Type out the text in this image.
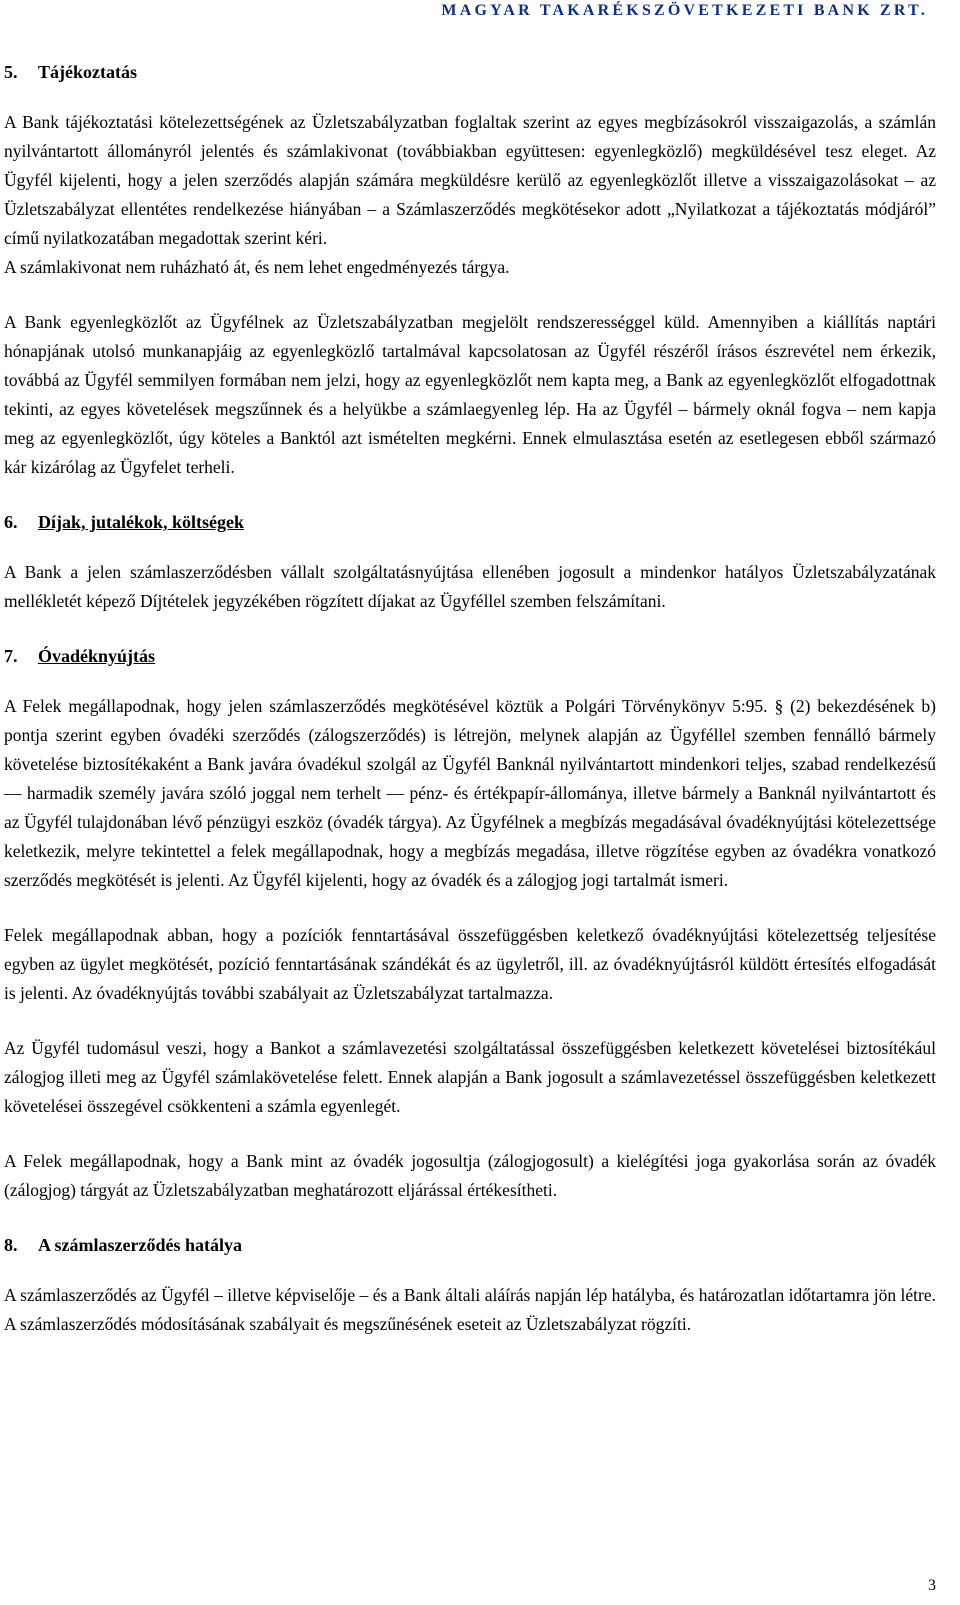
MAGYAR TAKARÉKSZÖVETKEZETI BANK ZRT.
5. Tájékoztatás

A Bank tájékoztatási kötelezettségének az Üzletszabályzatban foglaltak szerint az egyes megbízásokról visszaigazolás, a számlán nyilvántartott állományról jelentés és számlakivonat (továbbiakban együttesen: egyenlegközlő) megküldésével tesz eleget. Az Ügyfél kijelenti, hogy a jelen szerződés alapján számára megküldésre kerülő az egyenlegközlőt illetve a visszaigazolásokat – az Üzletszabályzat ellentétes rendelkezése hiányában – a Számlaszerződés megkötésekor adott „Nyilatkozat a tájékoztatás módjáról” című nyilatkozatában megadottak szerint kéri.

A számlakivonat nem ruházható át, és nem lehet engedményezés tárgya.

A Bank egyenlegközlőt az Ügyfélnek az Üzletszabályzatban megjelölt rendszerességgel küld. Amennyiben a kiállítás naptári hónapjának utolsó munkanapjáig az egyenlegközlő tartalmával kapcsolatosan az Ügyfél részéről írásos észrevétel nem érkezik, továbbá az Ügyfél semmilyen formában nem jelzi, hogy az egyenlegközlőt nem kapta meg, a Bank az egyenlegközlőt elfogadottnak tekinti, az egyes követelések megszűnnek és a helyükbe a számlaegyenleg lép. Ha az Ügyfél – bármely oknál fogva – nem kapja meg az egyenlegközlőt, úgy köteles a Banktól azt ismételten megkérni. Ennek elmulasztása esetén az esetlegesen ebből származó kár kizárólag az Ügyfelet terheli.

6. Díjak, jutalékok, költségek

A Bank a jelen számlaszerződésben vállalt szolgáltatásnyújtása ellenében jogosult a mindenkor hatályos Üzletszabályzatának mellékletét képező Díjtételek jegyzékében rögzített díjakat az Ügyféllel szemben felszámítani.

7. Óvadéknyújtás

A Felek megállapodnak, hogy jelen számlaszerződés megkötésével köztük a Polgári Törvénykönyv 5:95. § (2) bekezdésének b) pontja szerint egyben óvadéki szerződés (zálogszerződés) is létrejön, melynek alapján az Ügyféllel szemben fennálló bármely követelése biztosítékaként a Bank javára óvadékul szolgál az Ügyfél Banknál nyilvántartott mindenkori teljes, szabad rendelkezésű — harmadik személy javára szóló joggal nem terhelt — pénz- és értékpapír-állománya, illetve bármely a Banknál nyilvántartott és az Ügyfél tulajdonában lévő pénzügyi eszköz (óvadék tárgya). Az Ügyfélnek a megbízás megadásával óvadéknyújtási kötelezettsége keletkezik, melyre tekintettel a felek megállapodnak, hogy a megbízás megadása, illetve rögzítése egyben az óvadékra vonatkozó szerződés megkötését is jelenti. Az Ügyfél kijelenti, hogy az óvadék és a zálogjog jogi tartalmát ismeri.

Felek megállapodnak abban, hogy a pozíciók fenntartásával összefüggésben keletkező óvadéknyújtási kötelezettség teljesítése egyben az ügylet megkötését, pozíció fenntartásának szándékát és az ügyletről, ill. az óvadéknyújtásról küldött értesítés elfogadását is jelenti. Az óvadéknyújtás további szabályait az Üzletszabályzat tartalmazza.

Az Ügyfél tudomásul veszi, hogy a Bankot a számlavezetési szolgáltatással összefüggésben keletkezett követelései biztosítékául zálogjog illeti meg az Ügyfél számlakövetelése felett. Ennek alapján a Bank jogosult a számlavezetéssel összefüggésben keletkezett követelései összegével csökkenteni a számla egyenlegét.

A Felek megállapodnak, hogy a Bank mint az óvadék jogosultja (zálogjogosult) a kielégítési joga gyakorlása során az óvadék (zálogjog) tárgyát az Üzletszabályzatban meghatározott eljárással értékesítheti.

8. A számlaszerződés hatálya

A számlaszerződés az Ügyfél – illetve képviselője – és a Bank általi aláírás napján lép hatályba, és határozatlan időtartamra jön létre. A számlaszerződés módosításának szabályait és megszűnésének eseteit az Üzletszabályzat rögzíti.

3
